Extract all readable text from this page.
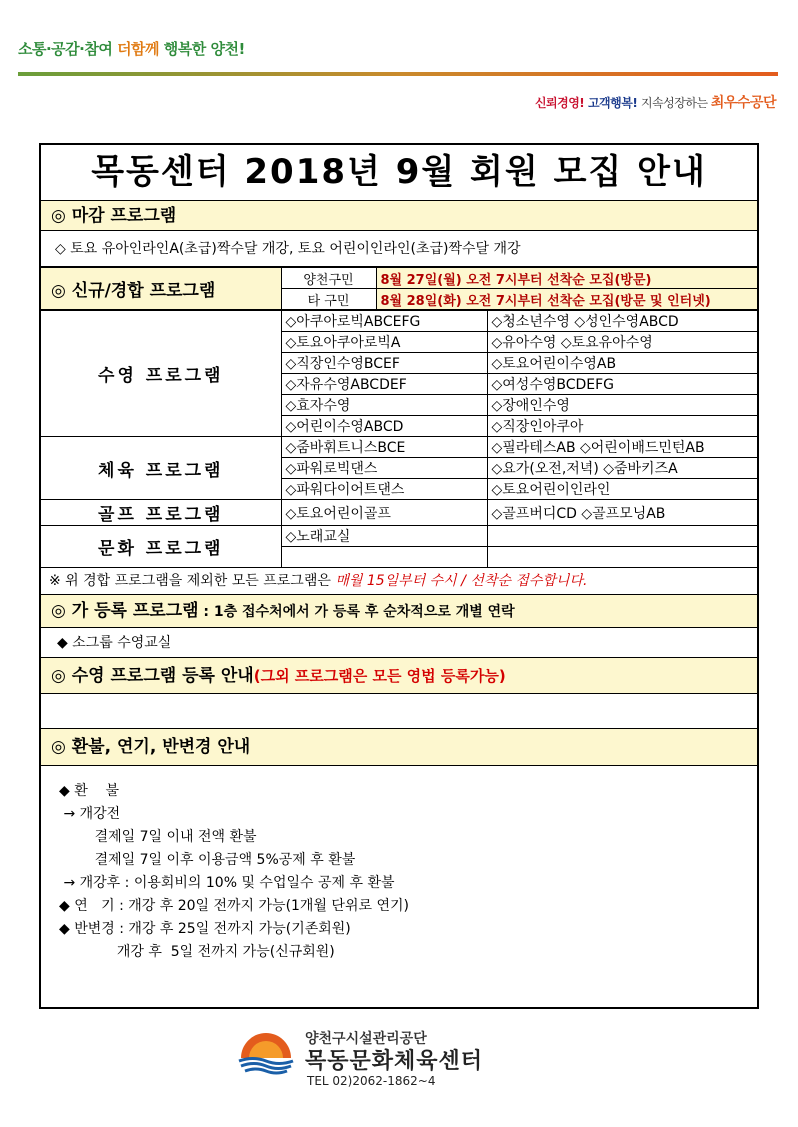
소통·공감·참여 더함께 행복한 양천!
신뢰경영! 고객행복! 지속성장하는 최우수공단
목동센터 2018년 9월 회원 모집 안내
◎ 마감 프로그램
◇ 토요 유아인라인A(초급)짝수달 개강, 토요 어린이인라인(초급)짝수달 개강
◎ 신규/경합 프로그램	양천구민	8월 27일(월) 오전 7시부터 선착순 모집(방문)
	타 구민	8월 28일(화) 오전 7시부터 선착순 모집(방문 및 인터넷)
수영 프로그램	◇아쿠아로빅ABCEFG	◇청소년수영 ◇성인수영ABCD
	◇토요아쿠아로빅A	◇유아수영 ◇토요유아수영
	◇직장인수영BCEF	◇토요어린이수영AB
	◇자유수영ABCDEF	◇여성수영BCDEFG
	◇효자수영	◇장애인수영
	◇어린이수영ABCD	◇직장인아쿠아
체육 프로그램	◇줌바휘트니스BCE	◇필라테스AB ◇어린이배드민턴AB
	◇파워로빅댄스	◇요가(오전,저녁) ◇줌바키즈A
	◇파워다이어트댄스	◇토요어린이인라인
골프 프로그램	◇토요어린이골프	◇골프버디CD ◇골프모닝AB
문화 프로그램	◇노래교실	

※ 위 경합 프로그램을 제외한 모든 프로그램은 매월 15일부터 수시 / 선착순 접수합니다.
◎ 가 등록 프로그램 : 1층 접수처에서 가 등록 후 순차적으로 개별 연락
◆ 소그룹 수영교실
◎ 수영 프로그램 등록 안내(그외 프로그램은 모든 영법 등록가능)
◎ 환불, 연기, 반변경 안내
◆ 환    불
→ 개강전
결제일 7일 이내 전액 환불
결제일 7일 이후 이용금액 5%공제 후 환불
→ 개강후 : 이용회비의 10% 및 수업일수 공제 후 환불
◆ 연   기 : 개강 후 20일 전까지 가능(1개월 단위로 연기)
◆ 반변경 : 개강 후 25일 전까지 가능(기존회원)
개강 후  5일 전까지 가능(신규회원)
양천구시설관리공단
목동문화체육센터
TEL 02)2062-1862~4
